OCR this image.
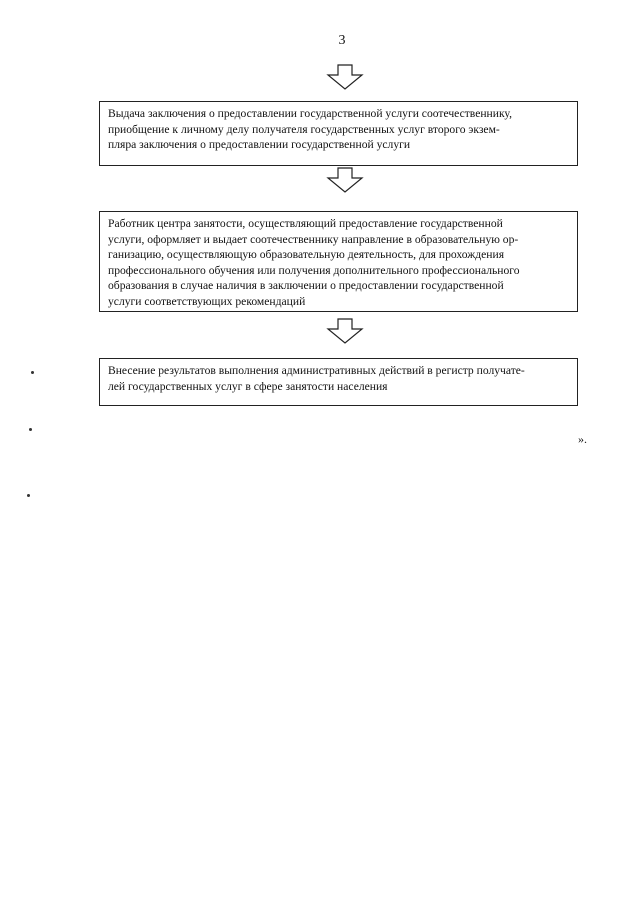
3
Выдача заключения о предоставлении государственной услуги соотечественнику,
приобщение к личному делу получателя государственных услуг второго экзем-
пляра заключения о предоставлении государственной услуги
Работник центра занятости, осуществляющий предоставление государственной
услуги, оформляет и выдает соотечественнику направление в образовательную ор-
ганизацию, осуществляющую образовательную деятельность, для прохождения
профессионального обучения или получения дополнительного профессионального
образования в случае наличия в заключении о предоставлении государственной
услуги соответствующих рекомендаций
Внесение результатов выполнения административных действий в регистр получате-
лей государственных услуг в сфере занятости населения
».
